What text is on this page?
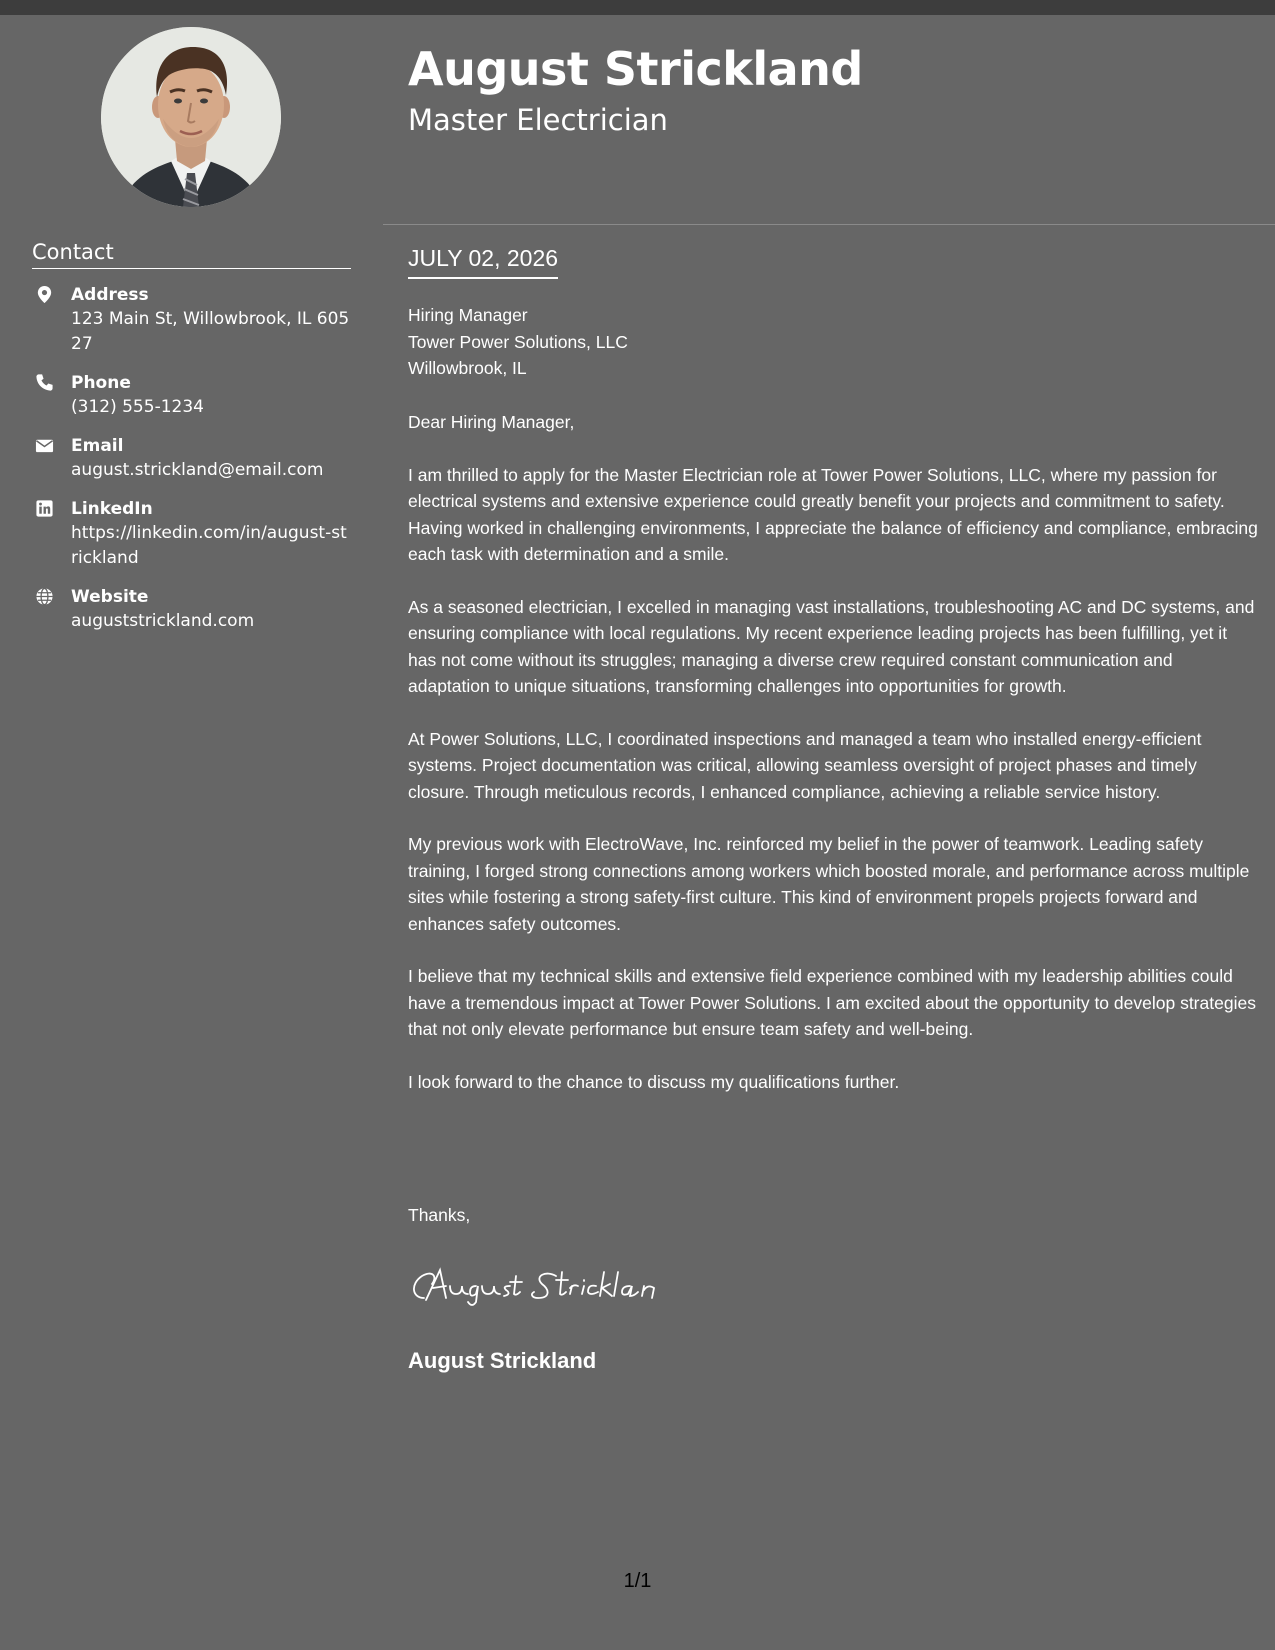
August Strickland
Master Electrician
Contact
Address
123 Main St, Willowbrook, IL 60527
Phone
(312) 555-1234
Email
august.strickland@email.com
LinkedIn
https://linkedin.com/in/august-strickland
Website
auguststrickland.com
JULY 02, 2026
Hiring Manager
Tower Power Solutions, LLC
Willowbrook, IL

Dear Hiring Manager,

I am thrilled to apply for the Master Electrician role at Tower Power Solutions, LLC, where my passion for electrical systems and extensive experience could greatly benefit your projects and commitment to safety. Having worked in challenging environments, I appreciate the balance of efficiency and compliance, embracing each task with determination and a smile.

As a seasoned electrician, I excelled in managing vast installations, troubleshooting AC and DC systems, and ensuring compliance with local regulations. My recent experience leading projects has been fulfilling, yet it has not come without its struggles; managing a diverse crew required constant communication and adaptation to unique situations, transforming challenges into opportunities for growth.

At Power Solutions, LLC, I coordinated inspections and managed a team who installed energy-efficient systems. Project documentation was critical, allowing seamless oversight of project phases and timely closure. Through meticulous records, I enhanced compliance, achieving a reliable service history.

My previous work with ElectroWave, Inc. reinforced my belief in the power of teamwork. Leading safety training, I forged strong connections among workers which boosted morale, and performance across multiple sites while fostering a strong safety-first culture. This kind of environment propels projects forward and enhances safety outcomes.

I believe that my technical skills and extensive field experience combined with my leadership abilities could have a tremendous impact at Tower Power Solutions. I am excited about the opportunity to develop strategies that not only elevate performance but ensure team safety and well-being.

I look forward to the chance to discuss my qualifications further.

Thanks,
August Strickland
1/1
